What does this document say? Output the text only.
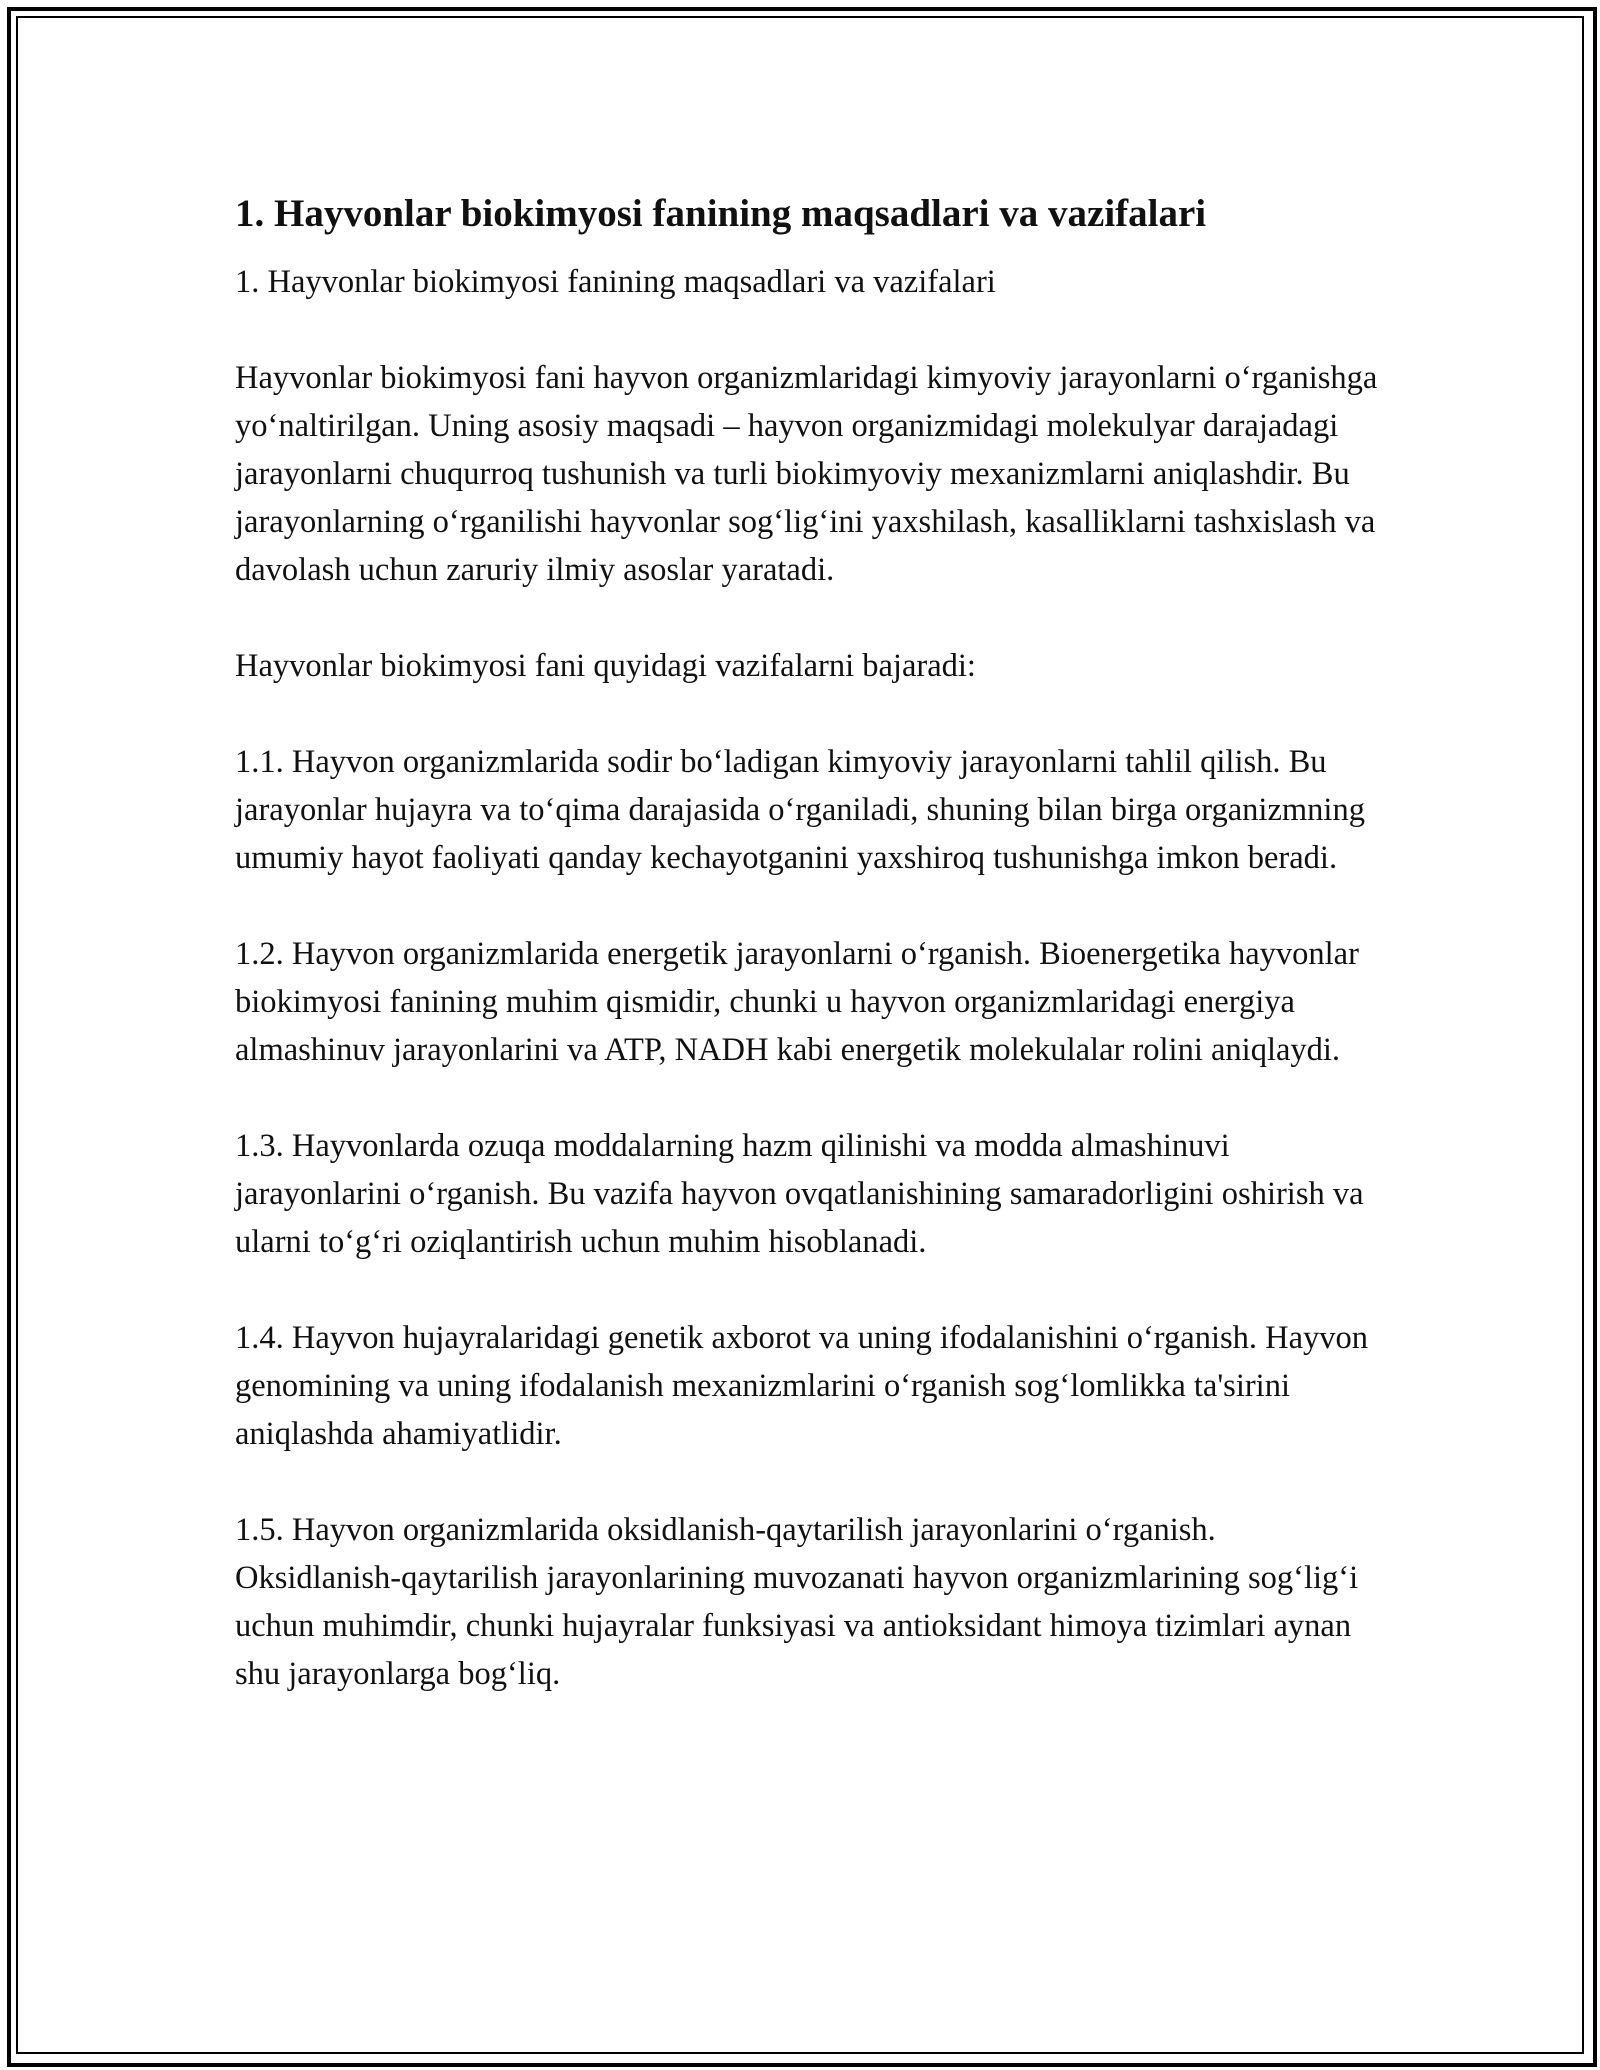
1. Hayvonlar biokimyosi fanining maqsadlari va vazifalari

1. Hayvonlar biokimyosi fanining maqsadlari va vazifalari

Hayvonlar biokimyosi fani hayvon organizmlaridagi kimyoviy jarayonlarni o‘rganishga yo‘naltirilgan. Uning asosiy maqsadi – hayvon organizmidagi molekulyar darajadagi jarayonlarni chuqurroq tushunish va turli biokimyoviy mexanizmlarni aniqlashdir. Bu jarayonlarning o‘rganilishi hayvonlar sog‘lig‘ini yaxshilash, kasalliklarni tashxislash va davolash uchun zaruriy ilmiy asoslar yaratadi.

Hayvonlar biokimyosi fani quyidagi vazifalarni bajaradi:

1.1. Hayvon organizmlarida sodir bo‘ladigan kimyoviy jarayonlarni tahlil qilish. Bu jarayonlar hujayra va to‘qima darajasida o‘rganiladi, shuning bilan birga organizmning umumiy hayot faoliyati qanday kechayotganini yaxshiroq tushunishga imkon beradi.

1.2. Hayvon organizmlarida energetik jarayonlarni o‘rganish. Bioenergetika hayvonlar biokimyosi fanining muhim qismidir, chunki u hayvon organizmlaridagi energiya almashinuv jarayonlarini va ATP, NADH kabi energetik molekulalar rolini aniqlaydi.

1.3. Hayvonlarda ozuqa moddalarning hazm qilinishi va modda almashinuvi jarayonlarini o‘rganish. Bu vazifa hayvon ovqatlanishining samaradorligini oshirish va ularni to‘g‘ri oziqlantirish uchun muhim hisoblanadi.

1.4. Hayvon hujayralaridagi genetik axborot va uning ifodalanishini o‘rganish. Hayvon genomining va uning ifodalanish mexanizmlarini o‘rganish sog‘lomlikka ta'sirini aniqlashda ahamiyatlidir.

1.5. Hayvon organizmlarida oksidlanish-qaytarilish jarayonlarini o‘rganish. Oksidlanish-qaytarilish jarayonlarining muvozanati hayvon organizmlarining sog‘lig‘i uchun muhimdir, chunki hujayralar funksiyasi va antioksidant himoya tizimlari aynan shu jarayonlarga bog‘liq.
